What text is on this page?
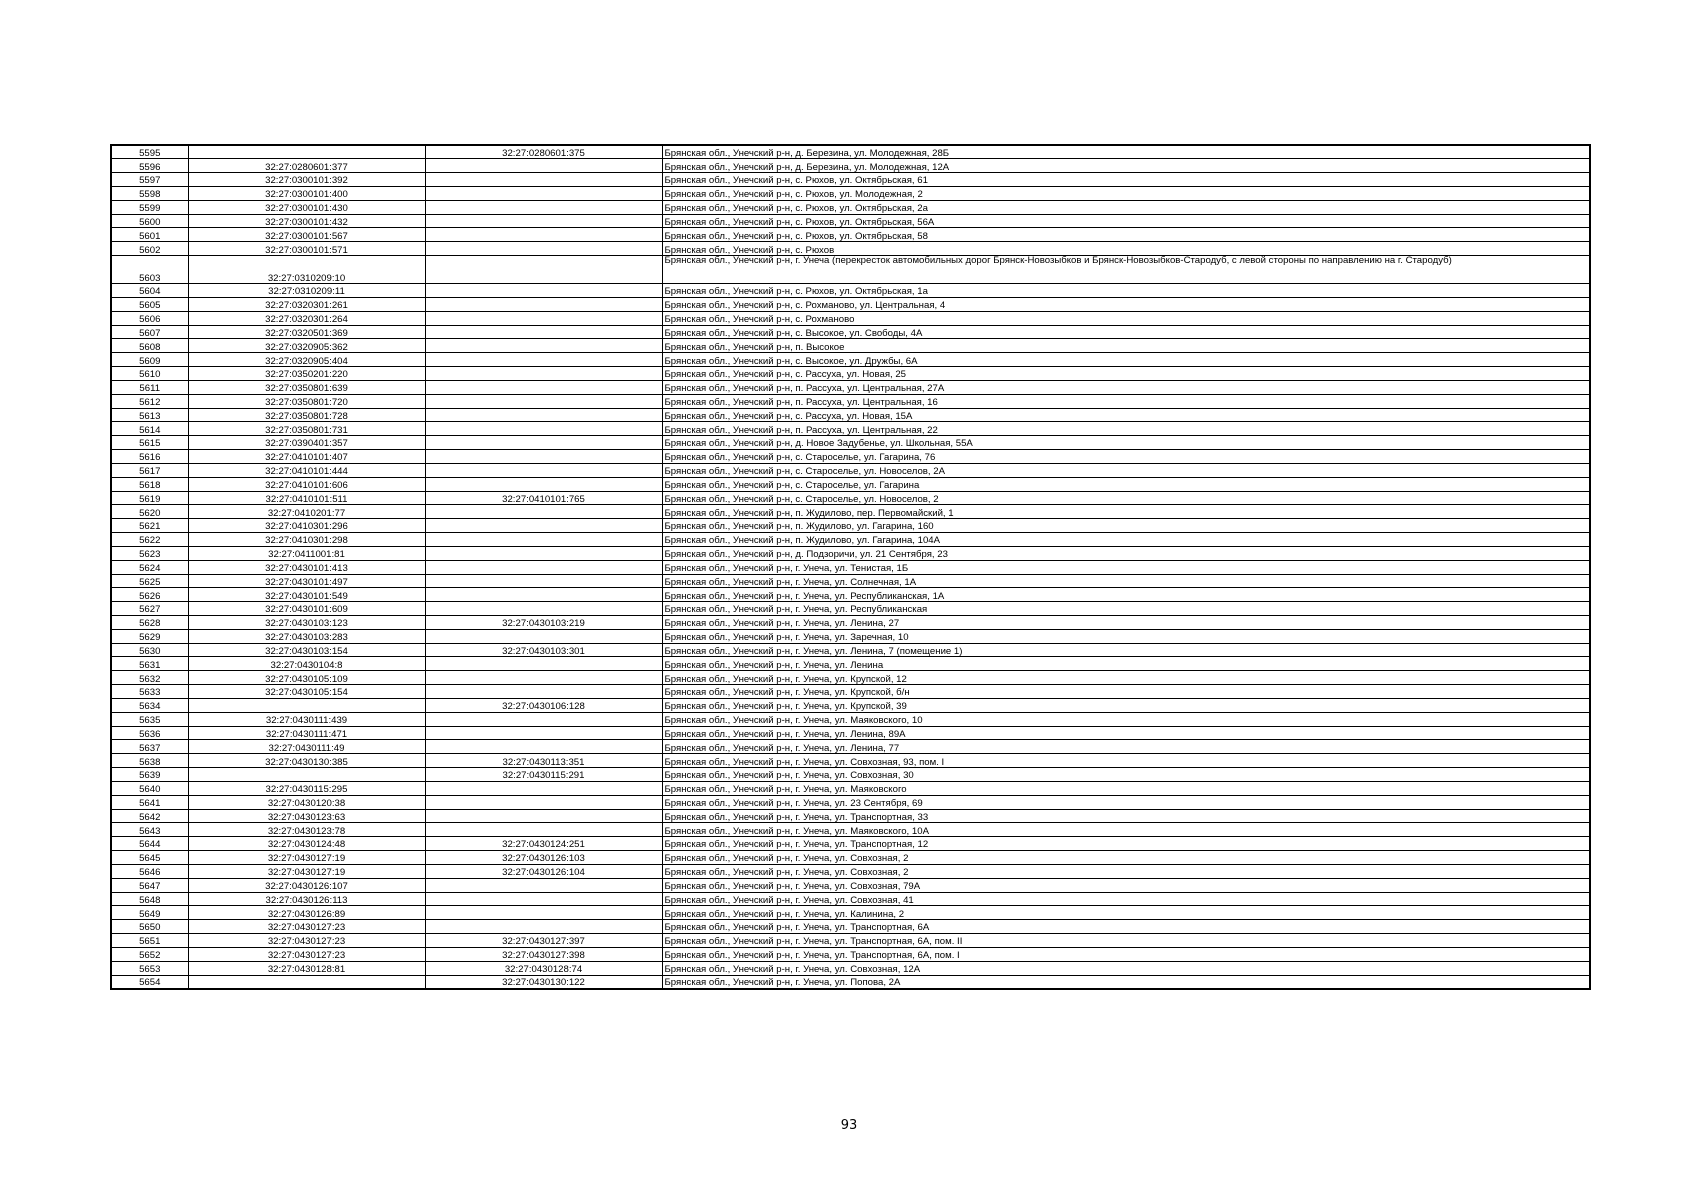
5595		32:27:0280601:375	Брянская обл., Унечский р-н, д. Березина, ул. Молодежная, 28Б
5596	32:27:0280601:377		Брянская обл., Унечский р-н, д. Березина, ул. Молодежная, 12А
5597	32:27:0300101:392		Брянская обл., Унечский р-н, с. Рюхов, ул. Октябрьская, 61
5598	32:27:0300101:400		Брянская обл., Унечский р-н, с. Рюхов, ул. Молодежная, 2
5599	32:27:0300101:430		Брянская обл., Унечский р-н, с. Рюхов, ул. Октябрьская, 2а
5600	32:27:0300101:432		Брянская обл., Унечский р-н, с. Рюхов, ул. Октябрьская, 56А
5601	32:27:0300101:567		Брянская обл., Унечский р-н, с. Рюхов, ул. Октябрьская, 58
5602	32:27:0300101:571		Брянская обл., Унечский р-н, с. Рюхов
5603	32:27:0310209:10		Брянская обл., Унечский р-н, г. Унеча (перекресток автомобильных дорог Брянск-Новозыбков и Брянск-Новозыбков-Стародуб, с левой стороны по направлению на г. Стародуб)
5604	32:27:0310209:11		Брянская обл., Унечский р-н, с. Рюхов, ул. Октябрьская, 1а
5605	32:27:0320301:261		Брянская обл., Унечский р-н, с. Рохманово, ул. Центральная, 4
5606	32:27:0320301:264		Брянская обл., Унечский р-н, с. Рохманово
5607	32:27:0320501:369		Брянская обл., Унечский р-н, с. Высокое, ул. Свободы, 4А
5608	32:27:0320905:362		Брянская обл., Унечский р-н, п. Высокое
5609	32:27:0320905:404		Брянская обл., Унечский р-н, с. Высокое, ул. Дружбы, 6А
5610	32:27:0350201:220		Брянская обл., Унечский р-н, с. Рассуха, ул. Новая, 25
5611	32:27:0350801:639		Брянская обл., Унечский р-н, п. Рассуха, ул. Центральная, 27А
5612	32:27:0350801:720		Брянская обл., Унечский р-н, п. Рассуха, ул. Центральная, 16
5613	32:27:0350801:728		Брянская обл., Унечский р-н, с. Рассуха, ул. Новая, 15А
5614	32:27:0350801:731		Брянская обл., Унечский р-н, п. Рассуха, ул. Центральная, 22
5615	32:27:0390401:357		Брянская обл., Унечский р-н, д. Новое Задубенье, ул. Школьная, 55А
5616	32:27:0410101:407		Брянская обл., Унечский р-н, с. Староселье, ул. Гагарина, 76
5617	32:27:0410101:444		Брянская обл., Унечский р-н, с. Староселье, ул. Новоселов, 2А
5618	32:27:0410101:606		Брянская обл., Унечский р-н, с. Староселье, ул. Гагарина
5619	32:27:0410101:511	32:27:0410101:765	Брянская обл., Унечский р-н, с. Староселье, ул. Новоселов, 2
5620	32:27:0410201:77		Брянская обл., Унечский р-н, п. Жудилово, пер. Первомайский, 1
5621	32:27:0410301:296		Брянская обл., Унечский р-н, п. Жудилово, ул. Гагарина, 160
5622	32:27:0410301:298		Брянская обл., Унечский р-н, п. Жудилово, ул. Гагарина, 104А
5623	32:27:0411001:81		Брянская обл., Унечский р-н, д. Подзоричи, ул. 21 Сентября, 23
5624	32:27:0430101:413		Брянская обл., Унечский р-н, г. Унеча, ул. Тенистая, 1Б
5625	32:27:0430101:497		Брянская обл., Унечский р-н, г. Унеча, ул. Солнечная, 1А
5626	32:27:0430101:549		Брянская обл., Унечский р-н, г. Унеча, ул. Республиканская, 1А
5627	32:27:0430101:609		Брянская обл., Унечский р-н, г. Унеча, ул. Республиканская
5628	32:27:0430103:123	32:27:0430103:219	Брянская обл., Унечский р-н, г. Унеча, ул. Ленина, 27
5629	32:27:0430103:283		Брянская обл., Унечский р-н, г. Унеча, ул. Заречная, 10
5630	32:27:0430103:154	32:27:0430103:301	Брянская обл., Унечский р-н, г. Унеча, ул. Ленина, 7 (помещение 1)
5631	32:27:0430104:8		Брянская обл., Унечский р-н, г. Унеча, ул. Ленина
5632	32:27:0430105:109		Брянская обл., Унечский р-н, г. Унеча, ул. Крупской, 12
5633	32:27:0430105:154		Брянская обл., Унечский р-н, г. Унеча, ул. Крупской, б/н
5634		32:27:0430106:128	Брянская обл., Унечский р-н, г. Унеча, ул. Крупской, 39
5635	32:27:0430111:439		Брянская обл., Унечский р-н, г. Унеча, ул. Маяковского, 10
5636	32:27:0430111:471		Брянская обл., Унечский р-н, г. Унеча, ул. Ленина, 89А
5637	32:27:0430111:49		Брянская обл., Унечский р-н, г. Унеча, ул. Ленина, 77
5638	32:27:0430130:385	32:27:0430113:351	Брянская обл., Унечский р-н, г. Унеча, ул. Совхозная, 93, пом. I
5639		32:27:0430115:291	Брянская обл., Унечский р-н, г. Унеча, ул. Совхозная, 30
5640	32:27:0430115:295		Брянская обл., Унечский р-н, г. Унеча, ул. Маяковского
5641	32:27:0430120:38		Брянская обл., Унечский р-н, г. Унеча, ул. 23 Сентября, 69
5642	32:27:0430123:63		Брянская обл., Унечский р-н, г. Унеча, ул. Транспортная, 33
5643	32:27:0430123:78		Брянская обл., Унечский р-н, г. Унеча, ул. Маяковского, 10А
5644	32:27:0430124:48	32:27:0430124:251	Брянская обл., Унечский р-н, г. Унеча, ул. Транспортная, 12
5645	32:27:0430127:19	32:27:0430126:103	Брянская обл., Унечский р-н, г. Унеча, ул. Совхозная, 2
5646	32:27:0430127:19	32:27:0430126:104	Брянская обл., Унечский р-н, г. Унеча, ул. Совхозная, 2
5647	32:27:0430126:107		Брянская обл., Унечский р-н, г. Унеча, ул. Совхозная, 79А
5648	32:27:0430126:113		Брянская обл., Унечский р-н, г. Унеча, ул. Совхозная, 41
5649	32:27:0430126:89		Брянская обл., Унечский р-н, г. Унеча, ул. Калинина, 2
5650	32:27:0430127:23		Брянская обл., Унечский р-н, г. Унеча, ул. Транспортная, 6А
5651	32:27:0430127:23	32:27:0430127:397	Брянская обл., Унечский р-н, г. Унеча, ул. Транспортная, 6А, пом. II
5652	32:27:0430127:23	32:27:0430127:398	Брянская обл., Унечский р-н, г. Унеча, ул. Транспортная, 6А, пом. I
5653	32:27:0430128:81	32:27:0430128:74	Брянская обл., Унечский р-н, г. Унеча, ул. Совхозная, 12А
5654		32:27:0430130:122	Брянская обл., Унечский р-н, г. Унеча, ул. Попова, 2А
93
